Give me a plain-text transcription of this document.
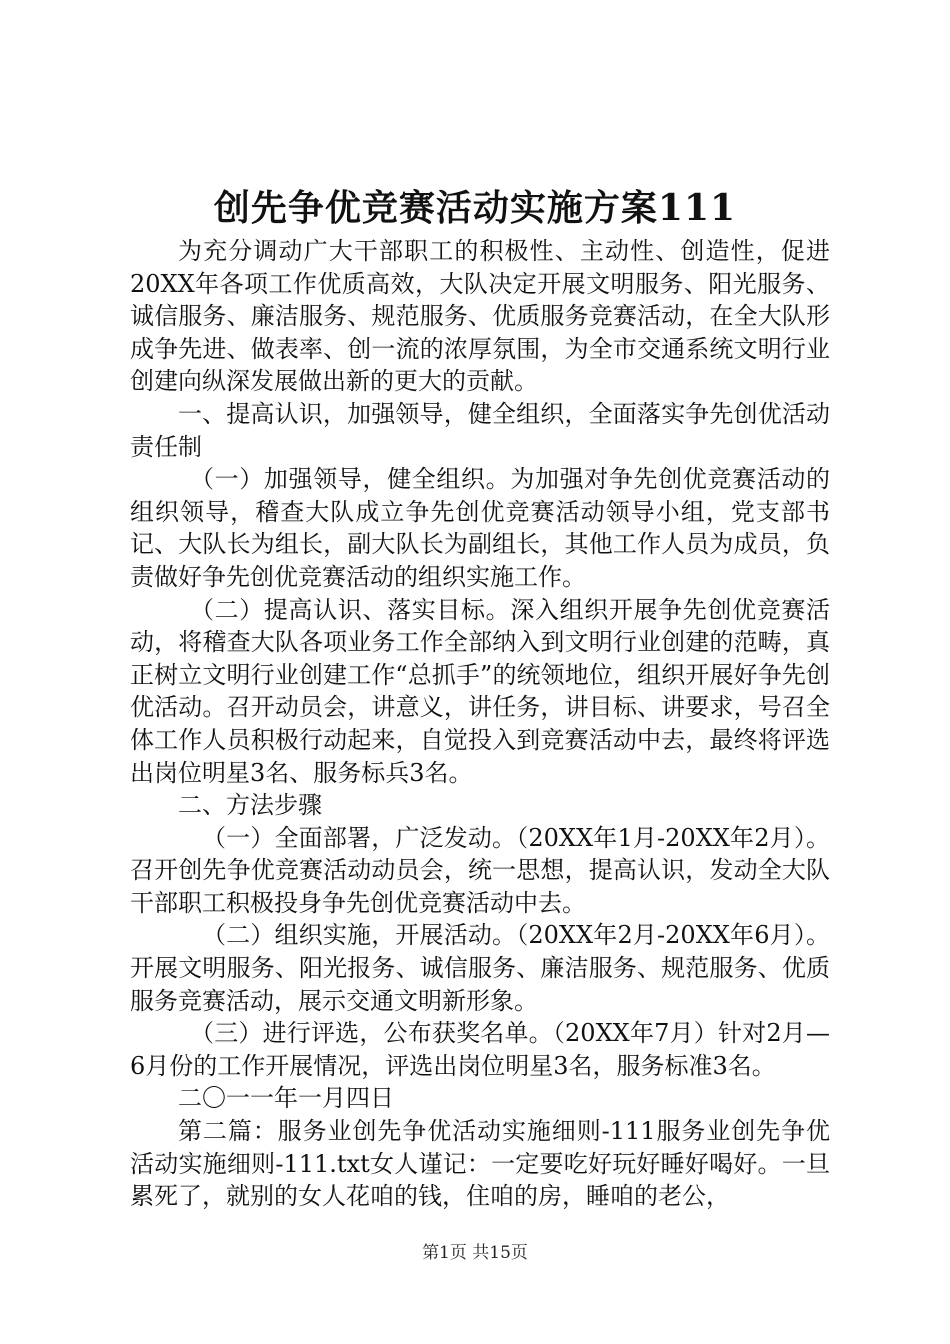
创先争优竞赛活动实施方案111

为充分调动广大干部职工的积极性、主动性、创造性，促进20XX年各项工作优质高效，大队决定开展文明服务、阳光服务、诚信服务、廉洁服务、规范服务、优质服务竞赛活动，在全大队形成争先进、做表率、创一流的浓厚氛围，为全市交通系统文明行业创建向纵深发展做出新的更大的贡献。

一、提高认识，加强领导，健全组织，全面落实争先创优活动责任制

（一）加强领导，健全组织。为加强对争先创优竞赛活动的组织领导，稽查大队成立争先创优竞赛活动领导小组，党支部书记、大队长为组长，副大队长为副组长，其他工作人员为成员，负责做好争先创优竞赛活动的组织实施工作。

（二）提高认识、落实目标。深入组织开展争先创优竞赛活动，将稽查大队各项业务工作全部纳入到文明行业创建的范畴，真正树立文明行业创建工作“总抓手”的统领地位，组织开展好争先创优活动。召开动员会，讲意义，讲任务，讲目标、讲要求，号召全体工作人员积极行动起来，自觉投入到竞赛活动中去，最终将评选出岗位明星3名、服务标兵3名。

二、方法步骤

（一）全面部署，广泛发动。（20XX年1月-20XX年2月）。召开创先争优竞赛活动动员会，统一思想，提高认识，发动全大队干部职工积极投身争先创优竞赛活动中去。

（二）组织实施，开展活动。（20XX年2月-20XX年6月）。开展文明服务、阳光报务、诚信服务、廉洁服务、规范服务、优质服务竞赛活动，展示交通文明新形象。

（三）进行评选，公布获奖名单。（20XX年7月）针对2月—6月份的工作开展情况，评选出岗位明星3名，服务标准3名。

二〇一一年一月四日

第二篇：服务业创先争优活动实施细则-111服务业创先争优活动实施细则-111.txt女人谨记：一定要吃好玩好睡好喝好。一旦累死了，就别的女人花咱的钱，住咱的房，睡咱的老公，

第1页 共15页
